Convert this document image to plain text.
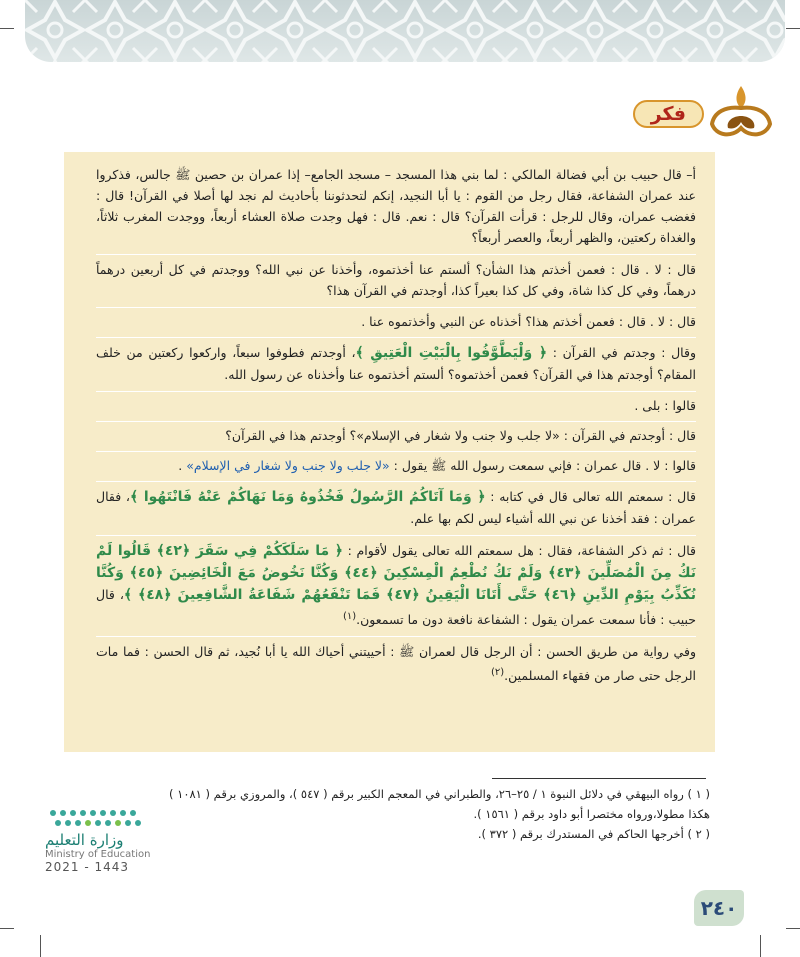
فكر

أ– قال حبيب بن أبي فضالة المالكي : لما بني هذا المسجد – مسجد الجامع– إذا عمران بن حصين ﷺ جالس، فذكروا عند عمران الشفاعة، فقال رجل من القوم : يا أبا النجيد، إنكم لتحدثوننا بأحاديث لم نجد لها أصلا في القرآن! قال : فغضب عمران، وقال للرجل : قرأت القرآن؟ قال : نعم. قال : فهل وجدت صلاة العشاء أربعاً، ووجدت المغرب ثلاثاً، والغداة ركعتين، والظهر أربعاً، والعصر أربعاً؟

قال : لا . قال : فعمن أخذتم هذا الشأن؟ ألستم عنا أخذتموه، وأخذنا عن نبي الله؟ ووجدتم في كل أربعين درهماً درهماً، وفي كل كذا شاة، وفي كل كذا بعيراً كذا، أوجدتم في القرآن هذا؟

قال : لا . قال : فعمن أخذتم هذا؟ أخذناه عن النبي وأخذتموه عنا .

وقال : وجدتم في القرآن : ﴿ وَلْيَطَّوَّفُوا بِالْبَيْتِ الْعَتِيقِ ﴾، أوجدتم فطوفوا سبعاً، واركعوا ركعتين من خلف المقام؟ أوجدتم هذا في القرآن؟ فعمن أخذتموه؟ ألستم أخذتموه عنا وأخذناه عن رسول الله.

قالوا : بلى .

قال : أوجدتم في القرآن : «لا جلب ولا جنب ولا شغار في الإسلام»؟ أوجدتم هذا في القرآن؟

قالوا : لا . قال عمران : فإني سمعت رسول الله ﷺ يقول : «لا جلب ولا جنب ولا شغار في الإسلام» .

قال : سمعتم الله تعالى قال في كتابه : ﴿ وَمَا آتَاكُمُ الرَّسُولُ فَخُذُوهُ وَمَا نَهَاكُمْ عَنْهُ فَانْتَهُوا ﴾، فقال عمران : فقد أخذنا عن نبي الله أشياء ليس لكم بها علم.

قال : ثم ذكر الشفاعة، فقال : هل سمعتم الله تعالى يقول لأقوام : ﴿ مَا سَلَكَكُمْ فِي سَقَرَ ﴿٤٢﴾ قَالُوا لَمْ نَكُ مِنَ الْمُصَلِّينَ ﴿٤٣﴾ وَلَمْ نَكُ نُطْعِمُ الْمِسْكِينَ ﴿٤٤﴾ وَكُنَّا نَخُوضُ مَعَ الْخَائِضِينَ ﴿٤٥﴾ وَكُنَّا نُكَذِّبُ بِيَوْمِ الدِّينِ ﴿٤٦﴾ حَتَّى أَتَانَا الْيَقِينُ ﴿٤٧﴾ فَمَا تَنْفَعُهُمْ شَفَاعَةُ الشَّافِعِينَ ﴿٤٨﴾ ﴾، قال حبيب : فأنا سمعت عمران يقول : الشفاعة نافعة دون ما تسمعون.$^{(١)}$

وفي رواية من طريق الحسن : أن الرجل قال لعمران ﷺ : أحييتني أحياك الله يا أبا نُجيد، ثم قال الحسن : فما مات الرجل حتى صار من فقهاء المسلمين.$^{(٢)}$

( ١ ) رواه البيهقي في دلائل النبوة ١ / ٢٥–٢٦، والطبراني في المعجم الكبير برقم ( ٥٤٧ )، والمروزي برقم ( ١٠٨١ ) هكذا مطولا،ورواه مختصرا أبو داود برقم ( ١٥٦١ ).

( ٢ ) أخرجها الحاكم في المستدرك برقم ( ٣٧٢ ).

وزارة التعليم
Ministry of Education
2021 - 1443
٢٤٠
